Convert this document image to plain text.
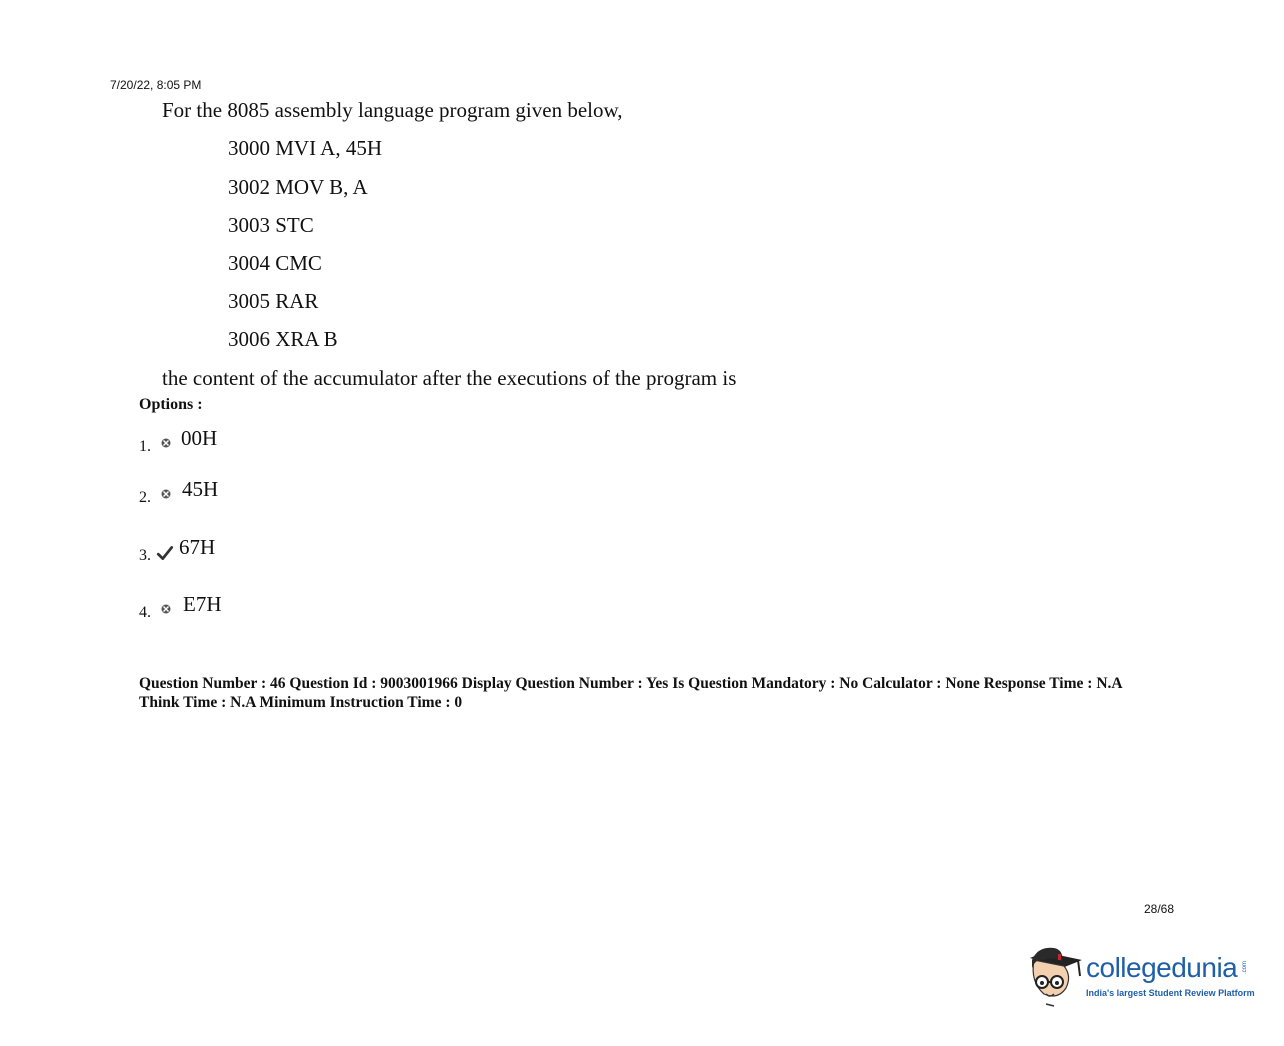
7/20/22, 8:05 PM
For the 8085 assembly language program given below,
3000 MVI A, 45H
3002 MOV B, A
3003 STC
3004 CMC
3005 RAR
3006 XRA B
the content of the accumulator after the executions of the program is
Options :
1. 00H
2. 45H
3. 67H
4. E7H
Question Number : 46 Question Id : 9003001966 Display Question Number : Yes Is Question Mandatory : No Calculator : None Response Time : N.A Think Time : N.A Minimum Instruction Time : 0
28/68
collegedunia .com
India's largest Student Review Platform
